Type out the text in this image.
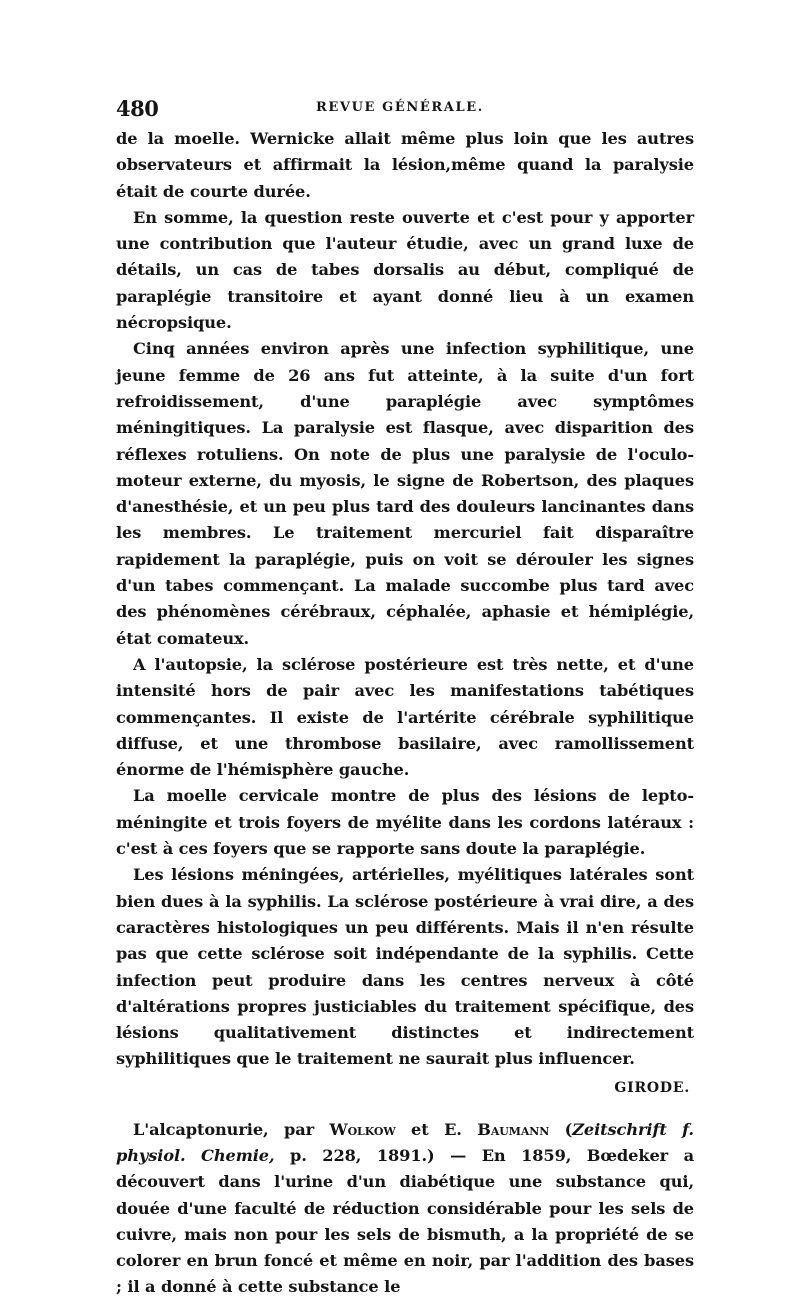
480	REVUE GÉNÉRALE.

de la moelle. Wernicke allait même plus loin que les autres observateurs et affirmait la lésion,même quand la paralysie était de courte durée.

En somme, la question reste ouverte et c'est pour y apporter une contribution que l'auteur étudie, avec un grand luxe de détails, un cas de tabes dorsalis au début, compliqué de paraplégie transitoire et ayant donné lieu à un examen nécropsique.

Cinq années environ après une infection syphilitique, une jeune femme de 26 ans fut atteinte, à la suite d'un fort refroidissement, d'une paraplégie avec symptômes méningitiques. La paralysie est flasque, avec disparition des réflexes rotuliens. On note de plus une paralysie de l'oculo-moteur externe, du myosis, le signe de Robertson, des plaques d'anesthésie, et un peu plus tard des douleurs lancinantes dans les membres. Le traitement mercuriel fait disparaître rapidement la paraplégie, puis on voit se dérouler les signes d'un tabes commençant. La malade succombe plus tard avec des phénomènes cérébraux, céphalée, aphasie et hémiplégie, état comateux.

A l'autopsie, la sclérose postérieure est très nette, et d'une intensité hors de pair avec les manifestations tabétiques commençantes. Il existe de l'artérite cérébrale syphilitique diffuse, et une thrombose basilaire, avec ramollissement énorme de l'hémisphère gauche.

La moelle cervicale montre de plus des lésions de lepto-méningite et trois foyers de myélite dans les cordons latéraux : c'est à ces foyers que se rapporte sans doute la paraplégie.

Les lésions méningées, artérielles, myélitiques latérales sont bien dues à la syphilis. La sclérose postérieure à vrai dire, a des caractères histologiques un peu différents. Mais il n'en résulte pas que cette sclérose soit indépendante de la syphilis. Cette infection peut produire dans les centres nerveux à côté d'altérations propres justiciables du traitement spécifique, des lésions qualitativement distinctes et indirectement syphilitiques que le traitement ne saurait plus influencer.

GIRODE.

L'alcaptonurie, par Wolkow et E. Baumann (Zeitschrift f. physiol. Chemie, p. 228, 1891.) — En 1859, Bœdeker a découvert dans l'urine d'un diabétique une substance qui, douée d'une faculté de réduction considérable pour les sels de cuivre, mais non pour les sels de bismuth, a la propriété de se colorer en brun foncé et même en noir, par l'addition des bases ; il a donné à cette substance le
